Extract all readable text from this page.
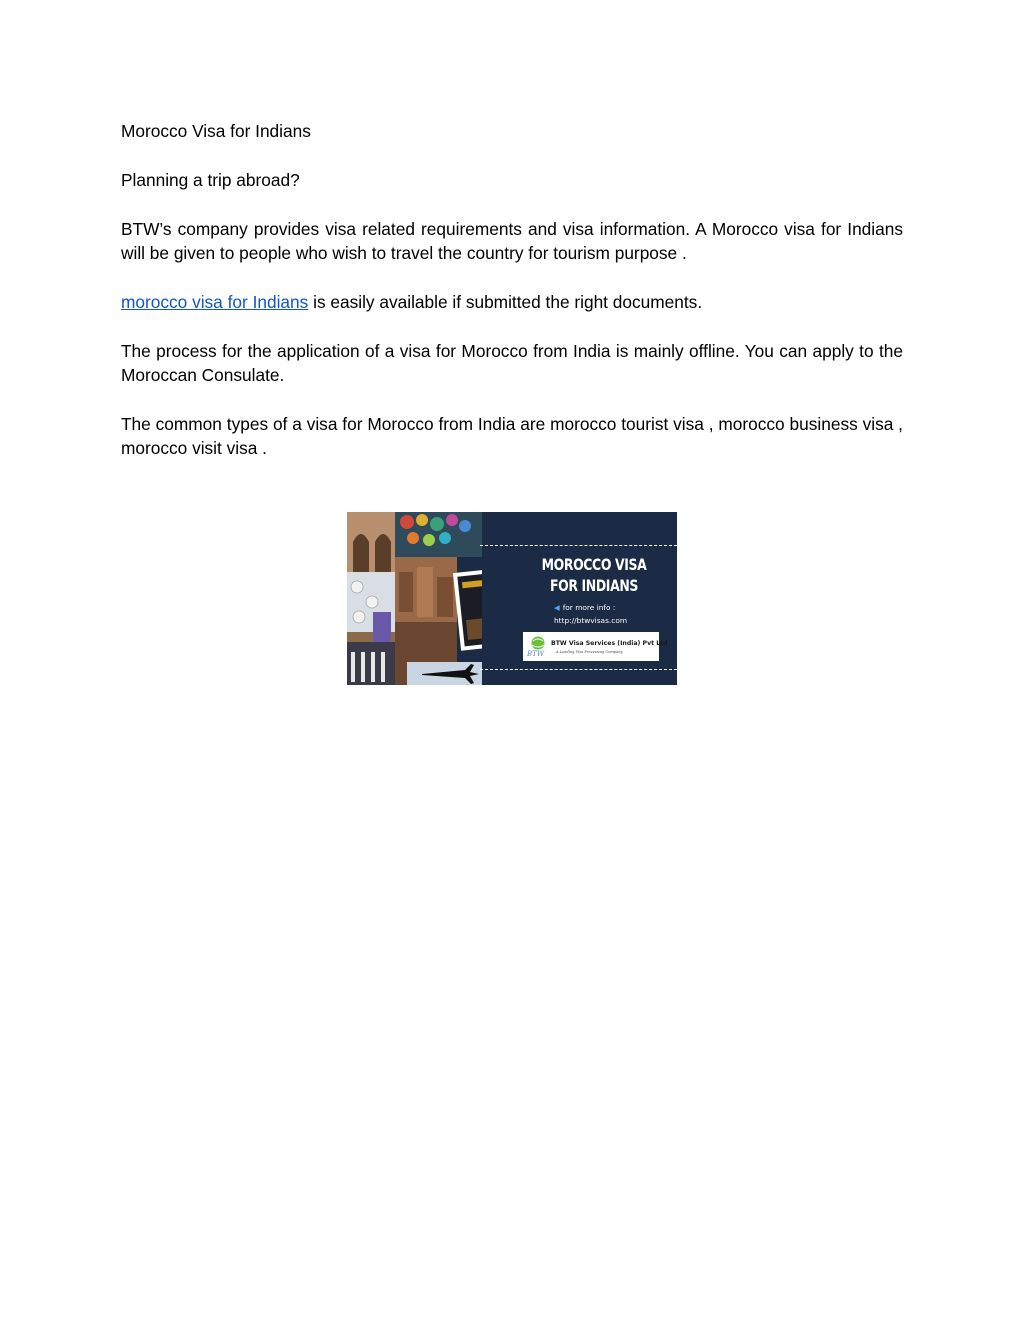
Morocco Visa for Indians

Planning a trip abroad?

BTW’s company provides visa related requirements and visa information. A Morocco visa for Indians will be given to people who wish to travel the country for tourism purpose .

morocco visa for Indians is easily available if submitted the right documents.

The process for the application of a visa for Morocco from India is mainly offline. You can apply to the Moroccan Consulate.

The common types of a visa for Morocco from India are morocco tourist visa , morocco business visa , morocco visit visa .

MOROCCO VISA
FOR INDIANS
◀ for more info :
http://btwvisas.com
BTW
BTW Visa Services (India) Pvt Ltd
A Leading Visa Processing Company
